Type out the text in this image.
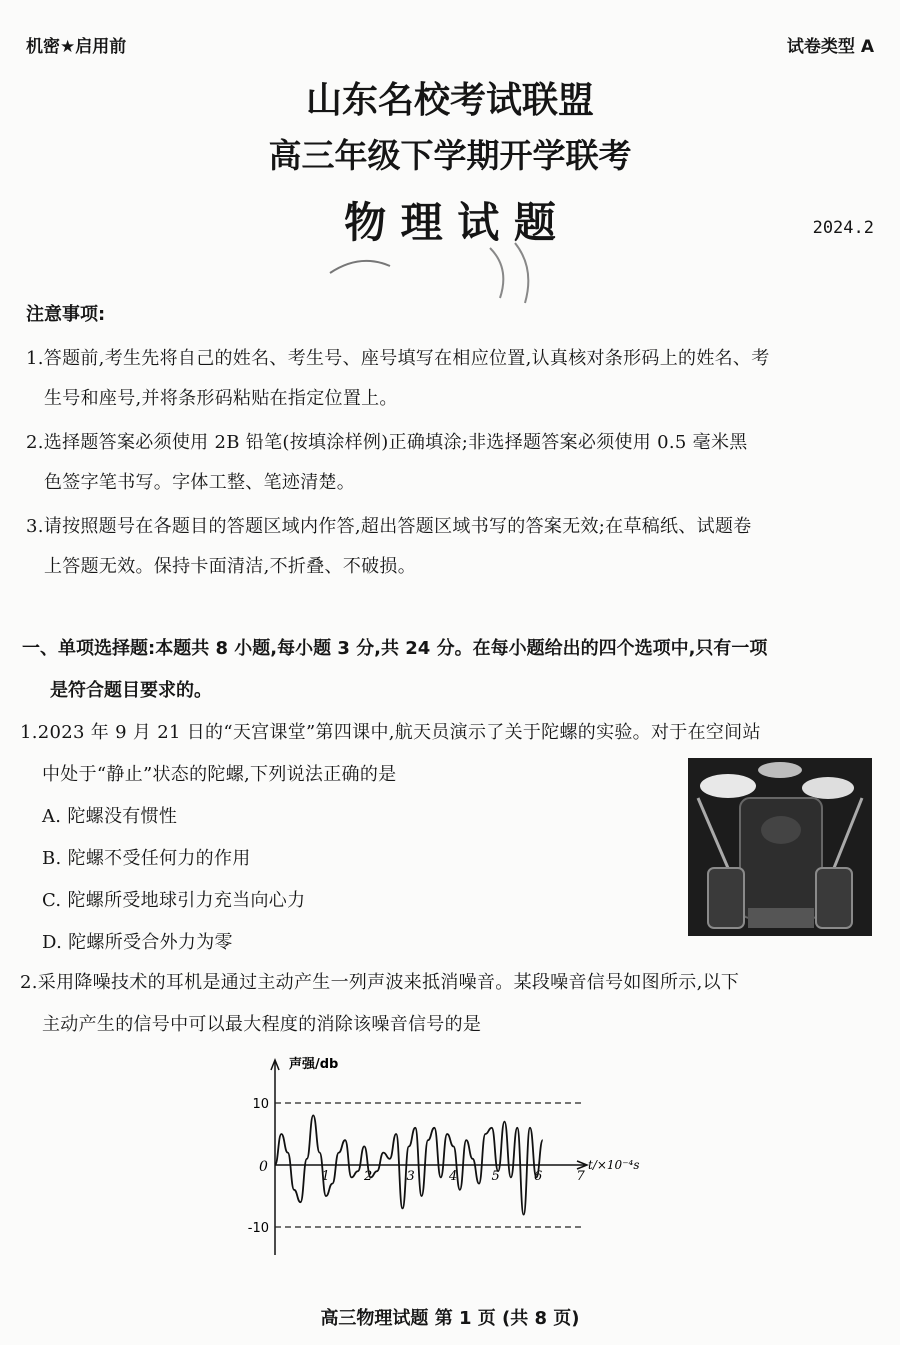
机密★启用前	试卷类型 A
山东名校考试联盟
高三年级下学期开学联考
物 理 试 题	2024.2
注意事项:
1.答题前,考生先将自己的姓名、考生号、座号填写在相应位置,认真核对条形码上的姓名、考
生号和座号,并将条形码粘贴在指定位置上。
2.选择题答案必须使用 2B 铅笔(按填涂样例)正确填涂;非选择题答案必须使用 0.5 毫米黑
色签字笔书写。字体工整、笔迹清楚。
3.请按照题号在各题目的答题区域内作答,超出答题区域书写的答案无效;在草稿纸、试题卷
上答题无效。保持卡面清洁,不折叠、不破损。
一、单项选择题:本题共 8 小题,每小题 3 分,共 24 分。在每小题给出的四个选项中,只有一项
是符合题目要求的。
1.2023 年 9 月 21 日的“天宫课堂”第四课中,航天员演示了关于陀螺的实验。对于在空间站
中处于“静止”状态的陀螺,下列说法正确的是
A. 陀螺没有惯性
B. 陀螺不受任何力的作用
C. 陀螺所受地球引力充当向心力
D. 陀螺所受合外力为零
2.采用降噪技术的耳机是通过主动产生一列声波来抵消噪音。某段噪音信号如图所示,以下
主动产生的信号中可以最大程度的消除该噪音信号的是
声强/db
t/×10⁻⁴s
0
10
-10
1	2	3	4	5	6	7
高三物理试题 第 1 页 (共 8 页)
